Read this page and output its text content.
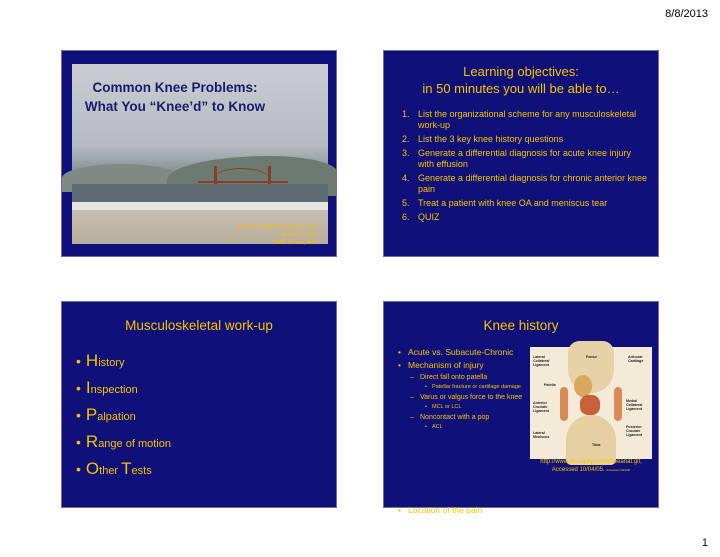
8/8/2013
Common Knee Problems:
What You “Knee’d” to Know
UCSF Essentials of Primary Care
August 8, 2013
Carlin Senter, M.D.
Learning objectives:
in 50 minutes you will be able to…
1. List the organizational scheme for any musculoskeletal work-up
2. List the 3 key knee history questions
3. Generate a differential diagnosis for acute knee injury with effusion
4. Generate a differential diagnosis for chronic anterior knee pain
5. Treat a patient with knee OA and meniscus tear
6. QUIZ
Musculoskeletal work-up
• History
• Inspection
• Palpation
• Range of motion
• Other Tests
Knee history
• Acute vs. Subacute-Chronic
• Mechanism of injury
– Direct fall onto patella
• Patellar fracture or cartilage damage
– Varus or valgus force to the knee
• MCL or LCL
– Noncontact with a pop
• ACL
• Location of the pain
Lateral Collateral Ligament
Femur	Articular Cartilage
Patella
Anterior Cruciate Ligament
Medial Collateral Ligament
Lateral Meniscus
Posterior Cruciate Ligament
Tibia
http://www.ski-injury.com/kneeanat.gif,
Accessed 10/04/05. Accessed 10/4/05
1
